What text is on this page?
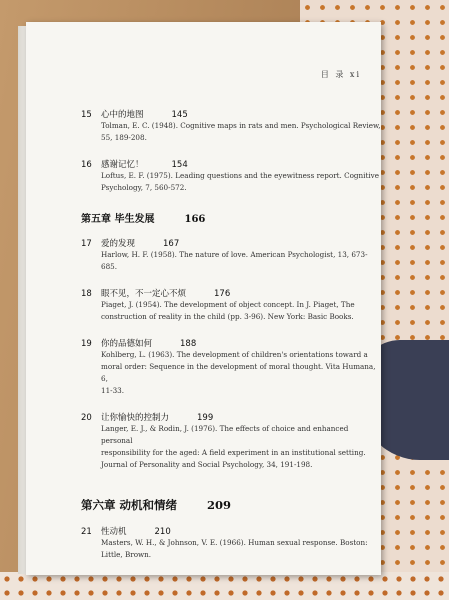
目 录 xi
15	心中的地图	145
Tolman, E. C. (1948). Cognitive maps in rats and men. Psychological Review,
55, 189-208.
16	感谢记忆！	154
Loftus, E. F. (1975). Leading questions and the eyewitness report. Cognitive
Psychology, 7, 560-572.
第五章 毕生发展	166
17	爱的发现	167
Harlow, H. F. (1958). The nature of love. American Psychologist, 13, 673-685.
18	眼不见，不一定心不烦	176
Piaget, J. (1954). The development of object concept. In J. Piaget, The
construction of reality in the child (pp. 3-96). New York: Basic Books.
19	你的品德如何	188
Kohlberg, L. (1963). The development of children's orientations toward a
moral order: Sequence in the development of moral thought. Vita Humana, 6,
11-33.
20	让你愉快的控制力	199
Langer, E. J., & Rodin, J. (1976). The effects of choice and enhanced personal
responsibility for the aged: A field experiment in an institutional setting.
Journal of Personality and Social Psychology, 34, 191-198.
第六章 动机和情绪	209
21	性动机	210
Masters, W. H., & Johnson, V. E. (1966). Human sexual response. Boston:
Little, Brown.
